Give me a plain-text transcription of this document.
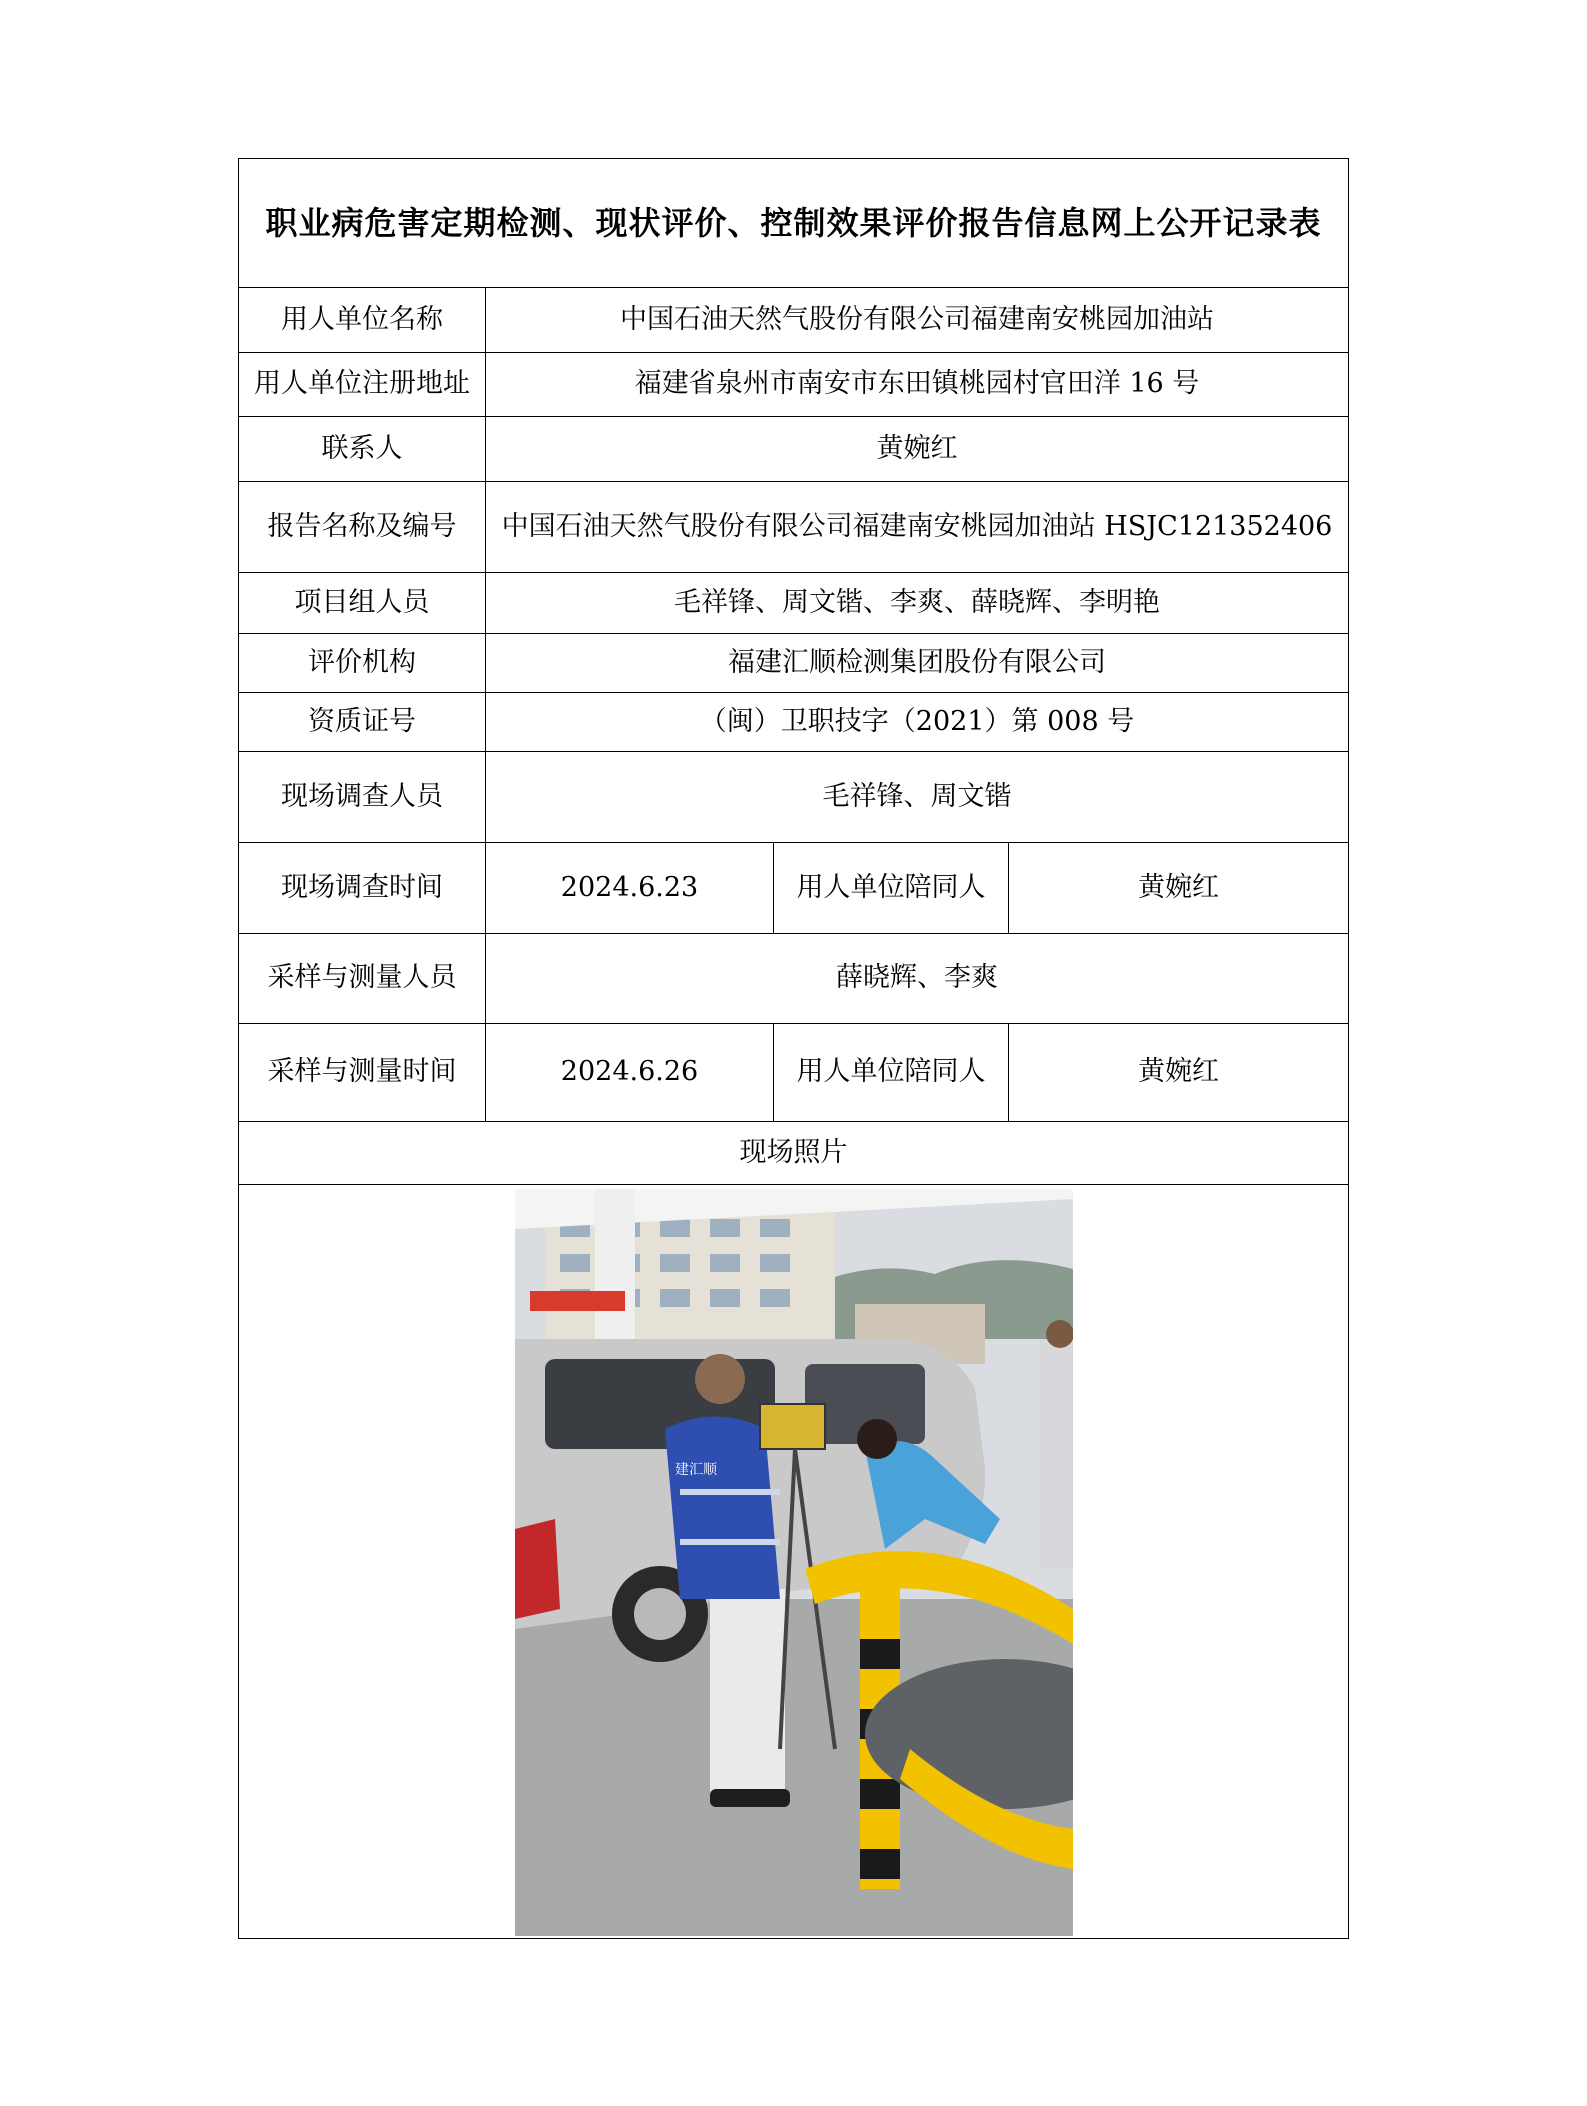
职业病危害定期检测、现状评价、控制效果评价报告信息网上公开记录表			
用人单位名称	中国石油天然气股份有限公司福建南安桃园加油站		
用人单位注册地址	福建省泉州市南安市东田镇桃园村官田洋 16 号		
联系人	黄婉红		
报告名称及编号	中国石油天然气股份有限公司福建南安桃园加油站 HSJC121352406		
项目组人员	毛祥锋、周文锴、李爽、薛晓辉、李明艳		
评价机构	福建汇顺检测集团股份有限公司		
资质证号	（闽）卫职技字（2021）第 008 号		
现场调查人员	毛祥锋、周文锴		
现场调查时间	2024.6.23	用人单位陪同人	黄婉红
采样与测量人员	薛晓辉、李爽		
采样与测量时间	2024.6.26	用人单位陪同人	黄婉红
现场照片			

建汇顺			
